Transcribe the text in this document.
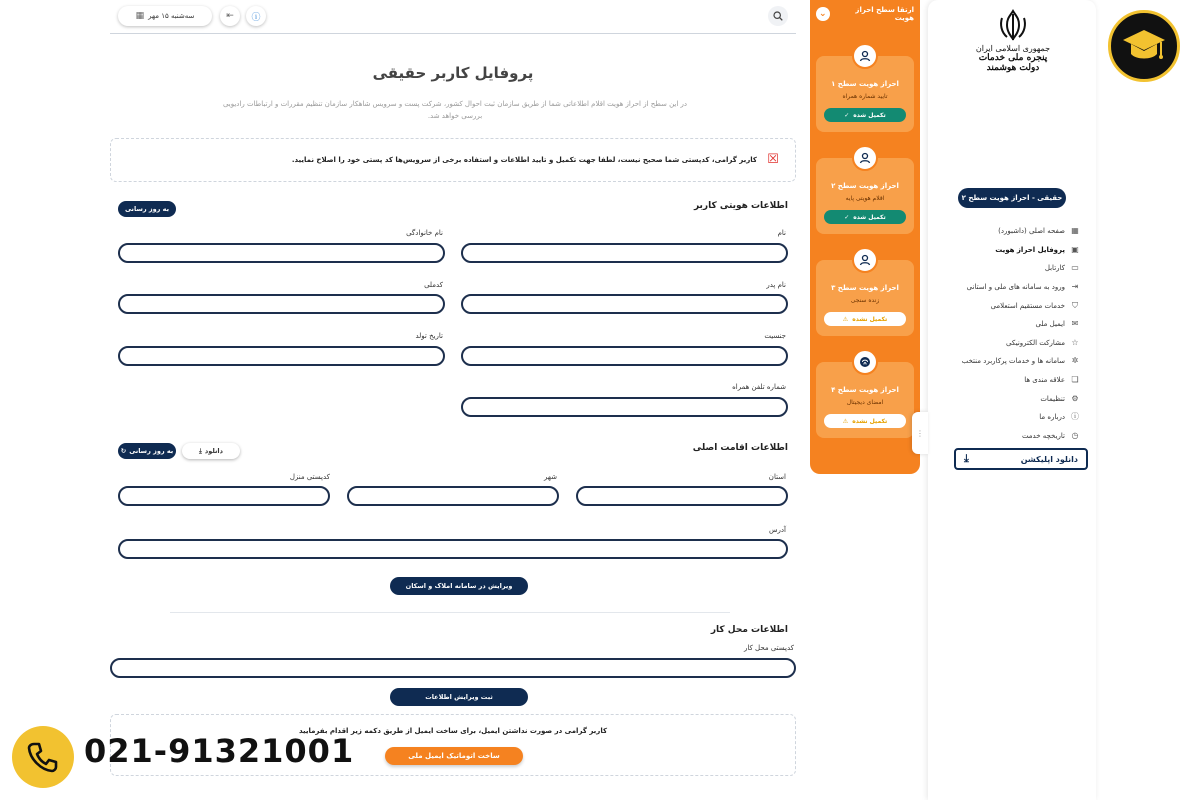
جمهوری اسلامی ایران
پنجره ملی خدمات دولت هوشمند
حقیقی - احراز هویت سطح ۲
▦
صفحه اصلی (داشبورد)
▣
پروفایل احراز هویت
▭
کارتابل
⇥
ورود به سامانه های ملی و استانی
⛉
خدمات مستقیم استعلامی
✉
ایمیل ملی
☆
مشارکت الکترونیکی
✲
سامانه ها و خدمات پرکاربرد منتخب
❏
علاقه مندی ها
⚙
تنظیمات
ⓘ
درباره ما
◷
تاریخچه خدمت
دانلود اپلیکشن
⤓
ارتقا سطح احراز هویت
⌄
احراز هویت سطح ۱
تایید شماره همراه
تکمیل شده
✓
احراز هویت سطح ۲
اقلام هویتی پایه
تکمیل شده
✓
احراز هویت سطح ۳
زنده سنجی
تکمیل نشده
⚠
احراز هویت سطح ۴
امضای دیجیتال
تکمیل نشده
⚠
⋮
سه‌شنبه ۱۵ مهر
▦	⇤ ⓘ
پروفایل کاربر حقیقی

در این سطح از احراز هویت اقلام اطلاعاتی شما از طریق سازمان ثبت احوال کشور، شرکت پست و سرویس شاهکار سازمان تنظیم مقررات و ارتباطات رادیویی بررسی خواهد شد.

☒
کاربر گرامی، کدپستی شما صحیح نیست، لطفا جهت تکمیل و تایید اطلاعات و استفاده برخی از سرویس‌ها کد پستی خود را اصلاح نمایید.
اطلاعات هویتی کاربر
به روز رسانی
نام
نام خانوادگی
نام پدر
کدملی
جنسیت
تاریخ تولد
شماره تلفن همراه
اطلاعات اقامت اصلی
به روز رسانی
↻	دانلود
⤓
استان
شهر
کدپستی منزل
آدرس
ویرایش در سامانه املاک و اسکان
اطلاعات محل کار
کدپستی محل کار
ثبت ویرایش اطلاعات
کاربر گرامی در صورت نداشتن ایمیل، برای ساخت ایمیل از طریق دکمه زیر اقدام بفرمایید
ساخت اتوماتیک ایمیل ملی
021-91321001
